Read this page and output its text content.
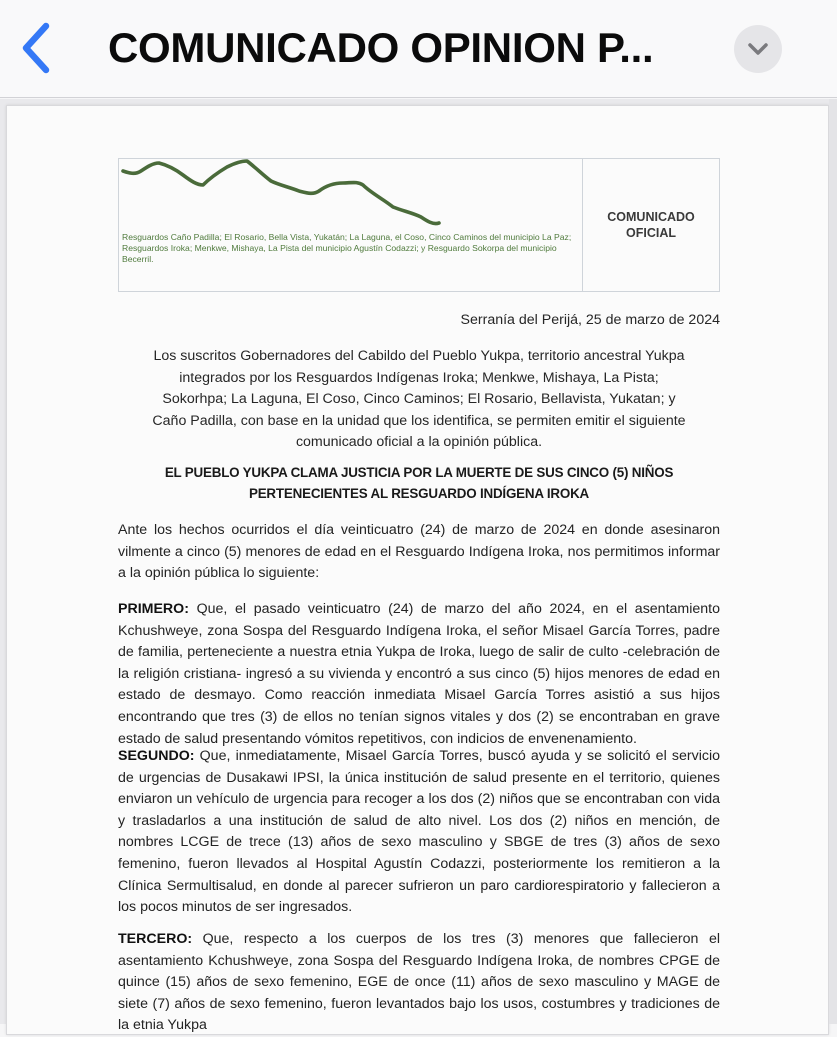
COMUNICADO OPINION P...
Resguardos Caño Padilla; El Rosario, Bella Vista, Yukatán; La Laguna, el Coso, Cinco Caminos del municipio La Paz; Resguardos Iroka; Menkwe, Mishaya, La Pista del municipio Agustín Codazzi; y Resguardo Sokorpa del municipio Becerril.
COMUNICADO
OFICIAL
Serranía del Perijá, 25 de marzo de 2024
Los suscritos Gobernadores del Cabildo del Pueblo Yukpa, territorio ancestral Yukpa integrados por los Resguardos Indígenas Iroka; Menkwe, Mishaya, La Pista; Sokorhpa; La Laguna, El Coso, Cinco Caminos; El Rosario, Bellavista, Yukatan; y Caño Padilla, con base en la unidad que los identifica, se permiten emitir el siguiente comunicado oficial a la opinión pública.
EL PUEBLO YUKPA CLAMA JUSTICIA POR LA MUERTE DE SUS CINCO (5) NIÑOS
PERTENECIENTES AL RESGUARDO INDÍGENA IROKA
Ante los hechos ocurridos el día veinticuatro (24) de marzo de 2024 en donde asesinaron vilmente a cinco (5) menores de edad en el Resguardo Indígena Iroka, nos permitimos informar a la opinión pública lo siguiente:
PRIMERO: Que, el pasado veinticuatro (24) de marzo del año 2024, en el asentamiento Kchushweye, zona Sospa del Resguardo Indígena Iroka, el señor Misael García Torres, padre de familia, perteneciente a nuestra etnia Yukpa de Iroka, luego de salir de culto -celebración de la religión cristiana- ingresó a su vivienda y encontró a sus cinco (5) hijos menores de edad en estado de desmayo. Como reacción inmediata Misael García Torres asistió a sus hijos encontrando que tres (3) de ellos no tenían signos vitales y dos (2) se encontraban en grave estado de salud presentando vómitos repetitivos, con indicios de envenenamiento.
SEGUNDO: Que, inmediatamente, Misael García Torres, buscó ayuda y se solicitó el servicio de urgencias de Dusakawi IPSI, la única institución de salud presente en el territorio, quienes enviaron un vehículo de urgencia para recoger a los dos (2) niños que se encontraban con vida y trasladarlos a una institución de salud de alto nivel. Los dos (2) niños en mención, de nombres LCGE de trece (13) años de sexo masculino y SBGE de tres (3) años de sexo femenino, fueron llevados al Hospital Agustín Codazzi, posteriormente los remitieron a la Clínica Sermultisalud, en donde al parecer sufrieron un paro cardiorespiratorio y fallecieron a los pocos minutos de ser ingresados.
TERCERO: Que, respecto a los cuerpos de los tres (3) menores que fallecieron el asentamiento Kchushweye, zona Sospa del Resguardo Indígena Iroka, de nombres CPGE de quince (15) años de sexo femenino, EGE de once (11) años de sexo masculino y MAGE de siete (7) años de sexo femenino, fueron levantados bajo los usos, costumbres y tradiciones de la etnia Yukpa
